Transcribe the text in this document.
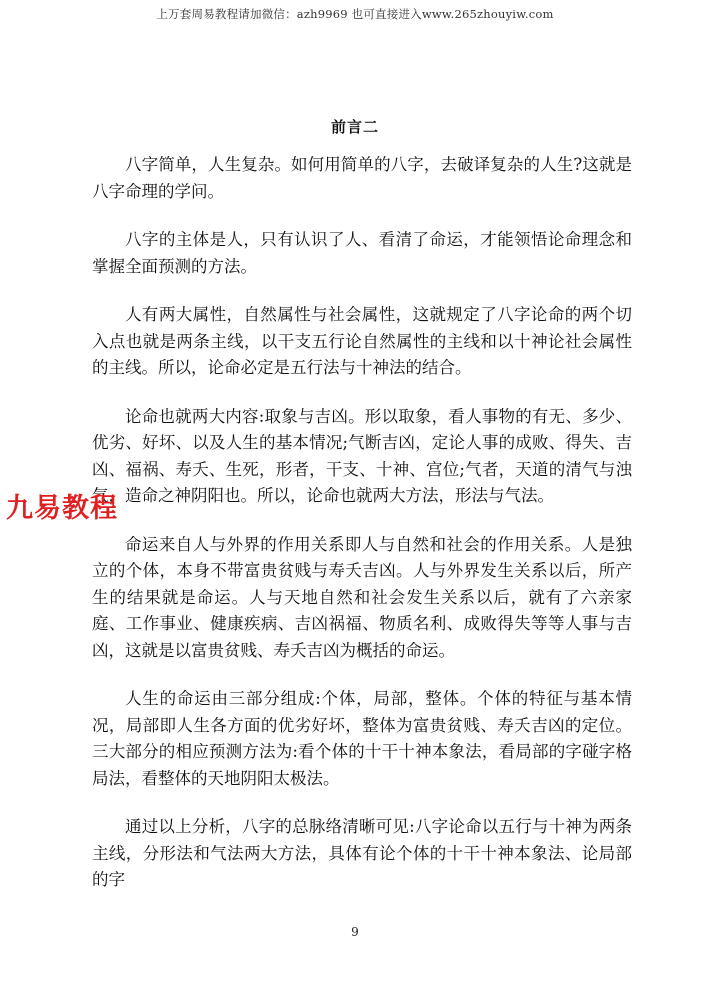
上万套周易教程请加微信：azh9969 也可直接进入www.265zhouyiw.com
前言二

八字简单，人生复杂。如何用简单的八字，去破译复杂的人生?这就是八字命理的学问。

八字的主体是人，只有认识了人、看清了命运，才能领悟论命理念和掌握全面预测的方法。

人有两大属性，自然属性与社会属性，这就规定了八字论命的两个切入点也就是两条主线，以干支五行论自然属性的主线和以十神论社会属性的主线。所以，论命必定是五行法与十神法的结合。

论命也就两大内容:取象与吉凶。形以取象，看人事物的有无、多少、优劣、好坏、以及人生的基本情况;气断吉凶，定论人事的成败、得失、吉凶、福祸、寿夭、生死，形者，干支、十神、宫位;气者，天道的清气与浊气，造命之神阴阳也。所以，论命也就两大方法，形法与气法。

命运来自人与外界的作用关系即人与自然和社会的作用关系。人是独立的个体，本身不带富贵贫贱与寿夭吉凶。人与外界发生关系以后，所产生的结果就是命运。人与天地自然和社会发生关系以后，就有了六亲家庭、工作事业、健康疾病、吉凶祸福、物质名利、成败得失等等人事与吉凶，这就是以富贵贫贱、寿夭吉凶为概括的命运。

人生的命运由三部分组成:个体，局部，整体。个体的特征与基本情况，局部即人生各方面的优劣好坏，整体为富贵贫贱、寿夭吉凶的定位。三大部分的相应预测方法为:看个体的十干十神本象法，看局部的字碰字格局法，看整体的天地阴阳太极法。

通过以上分析，八字的总脉络清晰可见:八字论命以五行与十神为两条主线，分形法和气法两大方法，具体有论个体的十干十神本象法、论局部的字

九易教程
9
